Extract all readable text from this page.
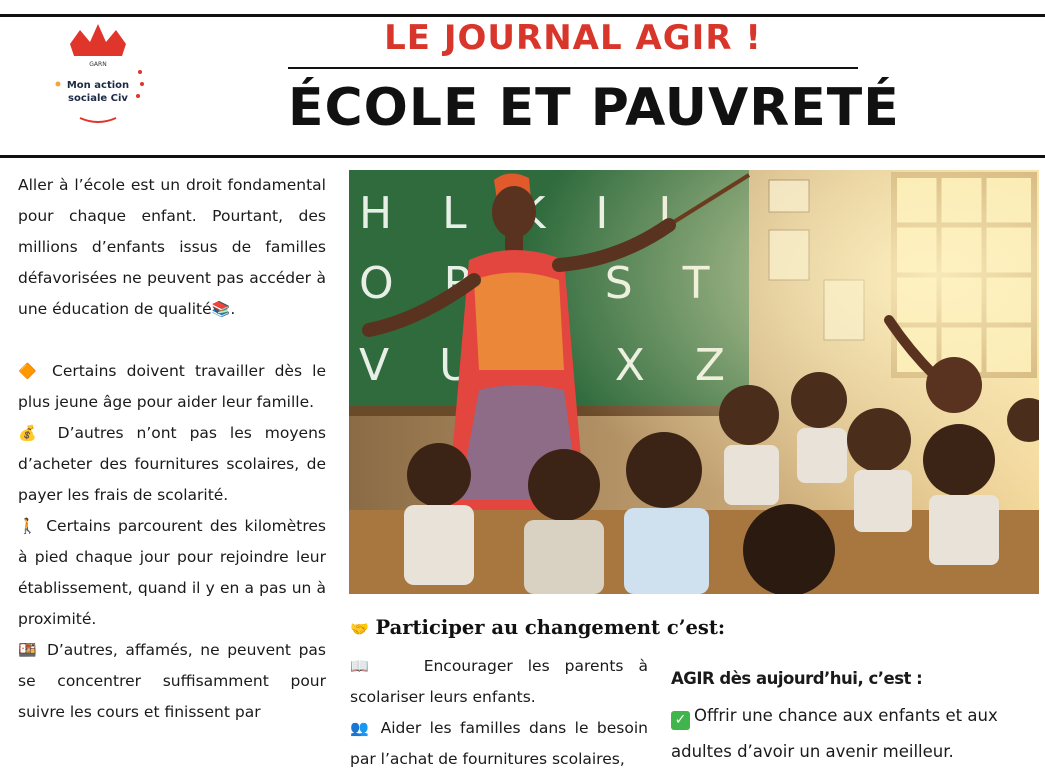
GARN
Mon action
sociale Civ
LE JOURNAL AGIR !
ÉCOLE ET PAUVRETÉ

Aller à l’école est un droit fondamental pour chaque enfant. Pourtant, des millions d’enfants issus de familles défavorisées ne peuvent pas accéder à une éducation de qualité📚.

🔶 Certains doivent travailler dès le plus jeune âge pour aider leur famille.

💰 D’autres n’ont pas les moyens d’acheter des fournitures scolaires, de payer les frais de scolarité.

🚶 Certains parcourent des kilomètres à pied chaque jour pour rejoindre leur établissement, quand il y en a pas un à proximité.

🍱 D’autres, affamés, ne peuvent pas se concentrer suffisamment pour suivre les cours et finissent par

🤝 Participer au changement c’est:

📖	Encourager les parents à scolariser leurs enfants.

👥 Aider les familles dans le besoin par l’achat de fournitures scolaires,

AGIR dès aujourd’hui, c’est :
✓ Offrir une chance aux enfants et aux adultes d’avoir un avenir meilleur.
